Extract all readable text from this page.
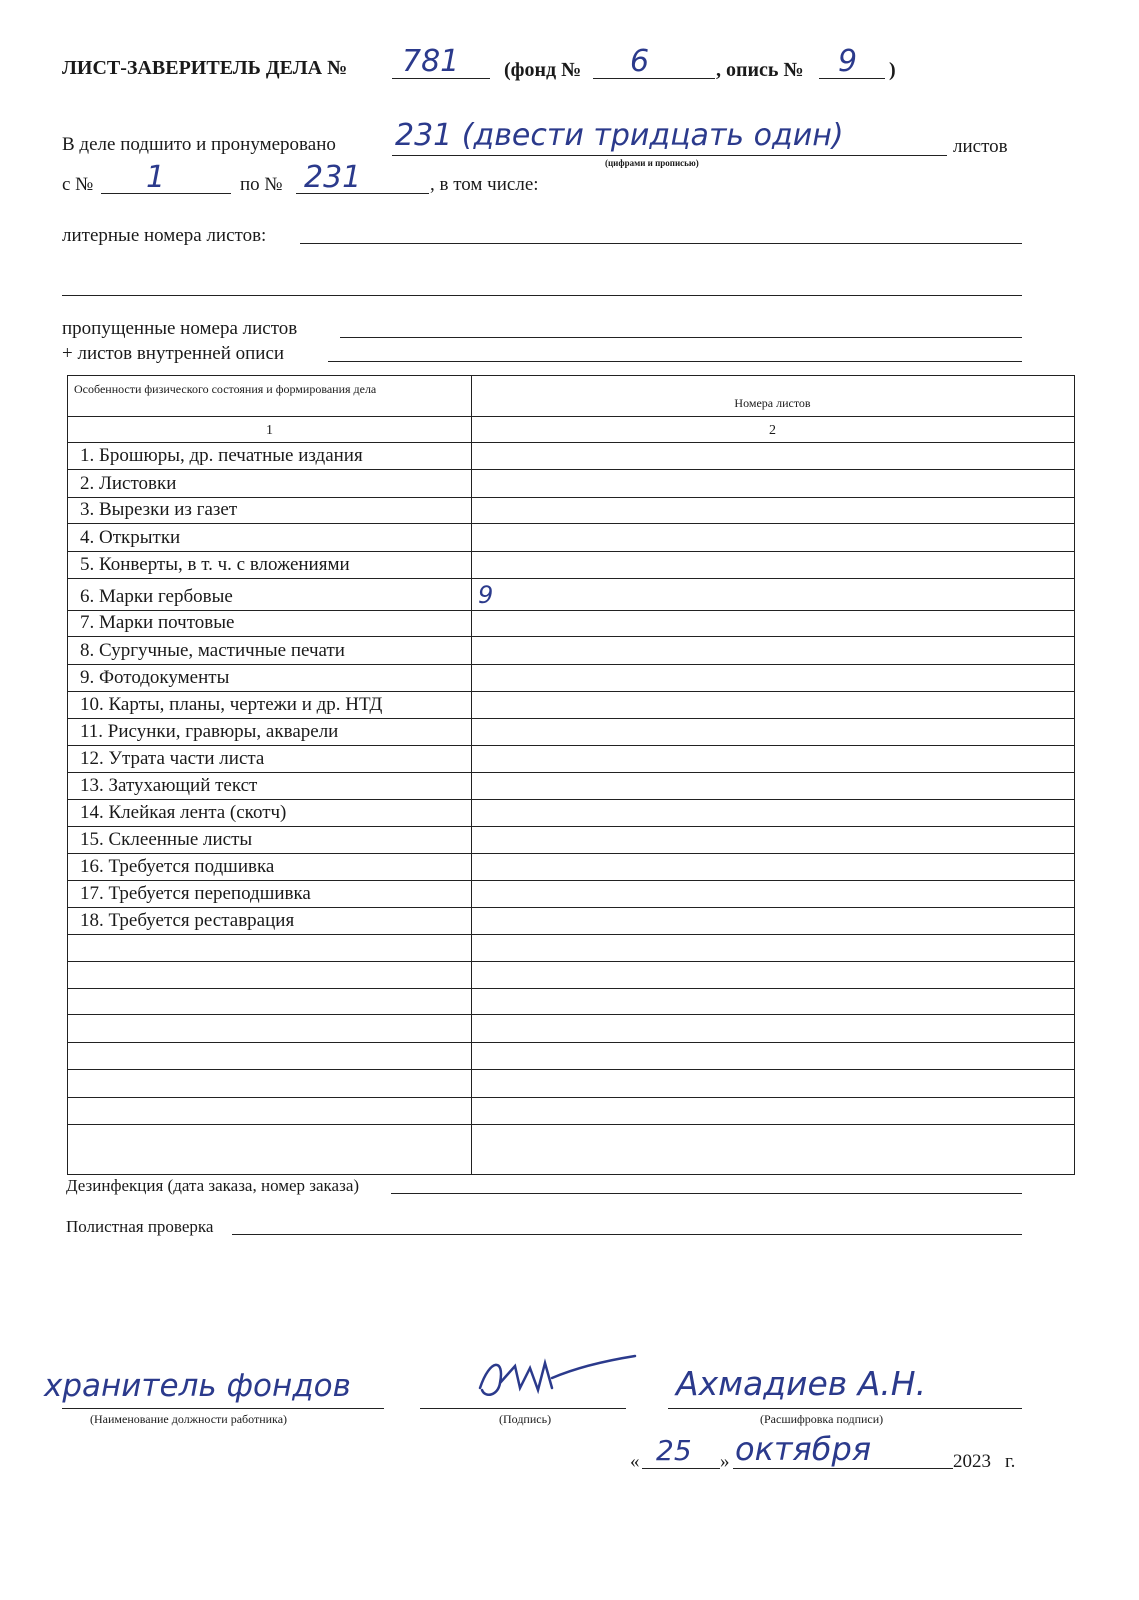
ЛИСТ-ЗАВЕРИТЕЛЬ ДЕЛА № 781 (фонд № 6	, опись № 9 )
В деле подшито и пронумеровано 231 (двести тридцать один)
(цифрами и прописью)
листов
с № 1	по № 231	, в том числе:
литерные номера листов:
пропущенные номера листов
+ листов внутренней описи
Особенности физического состояния и формирования дела
Номера листов
1	2
1. Брошюры, др. печатные издания
2. Листовки
3. Вырезки из газет
4. Открытки
5. Конверты, в т. ч. с вложениями
6. Марки гербовые	9
7. Марки почтовые
8. Сургучные, мастичные печати
9. Фотодокументы
10. Карты, планы, чертежи и др. НТД
11. Рисунки, гравюры, акварели
12. Утрата части листа
13. Затухающий текст
14. Клейкая лента (скотч)
15. Склеенные листы
16. Требуется подшивка
17. Требуется переподшивка
18. Требуется реставрация
Дезинфекция (дата заказа, номер заказа)
Полистная проверка
хранитель фондов
(Наименование должности работника)	(Подпись)
Ахмадиев А.Н.
(Расшифровка подписи)
« 25 » октября	2023 г.
